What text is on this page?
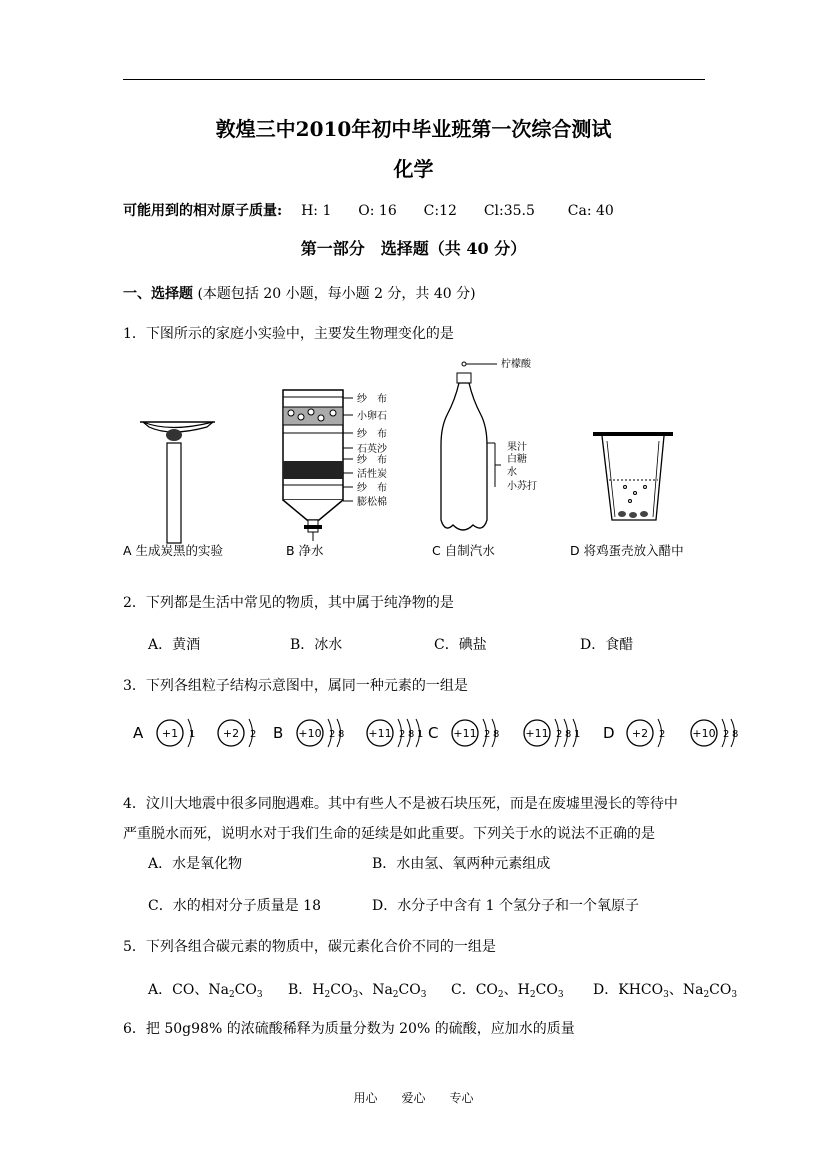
敦煌三中2010年初中毕业班第一次综合测试
化学
可能用到的相对原子质量: H: 1 O: 16 C:12 Cl:35.5 Ca: 40
第一部分　选择题（共 40 分）
一、选择题 (本题包括 20 小题，每小题 2 分，共 40 分)
1．下图所示的家庭小实验中，主要发生物理变化的是
纱　布
小卵石
纱　布
石英沙
纱　布
活性炭
纱　布
膨松棉
柠檬酸
果汁
白糖
水
小苏打
A 生成炭黑的实验	B 净水	C 自制汽水	D 将鸡蛋壳放入醋中
2．下列都是生活中常见的物质，其中属于纯净物的是
A．黄酒	B．冰水	C．碘盐	D．食醋
3．下列各组粒子结构示意图中，属同一种元素的一组是
A +1 1	+2 2 B +10 2 8 +11 2 8 1 C +11 2 8 +11 2 8 1 D +2 2 +10 2 8
4．汶川大地震中很多同胞遇难。其中有些人不是被石块压死，而是在废墟里漫长的等待中
严重脱水而死，说明水对于我们生命的延续是如此重要。下列关于水的说法不正确的是
A．水是氧化物	B．水由氢、氧两种元素组成
C．水的相对分子质量是 18	D．水分子中含有 1 个氢分子和一个氧原子
5．下列各组合碳元素的物质中，碳元素化合价不同的一组是
A．CO、$Na_2CO_3$ B．$H_2CO_3$、$Na_2CO_3$ C．$CO_2$、$H_2CO_3$ D．$KHCO_3$、$Na_2CO_3$
6．把 50g98% 的浓硫酸稀释为质量分数为 20% 的硫酸，应加水的质量
用心　　爱心　　专心
